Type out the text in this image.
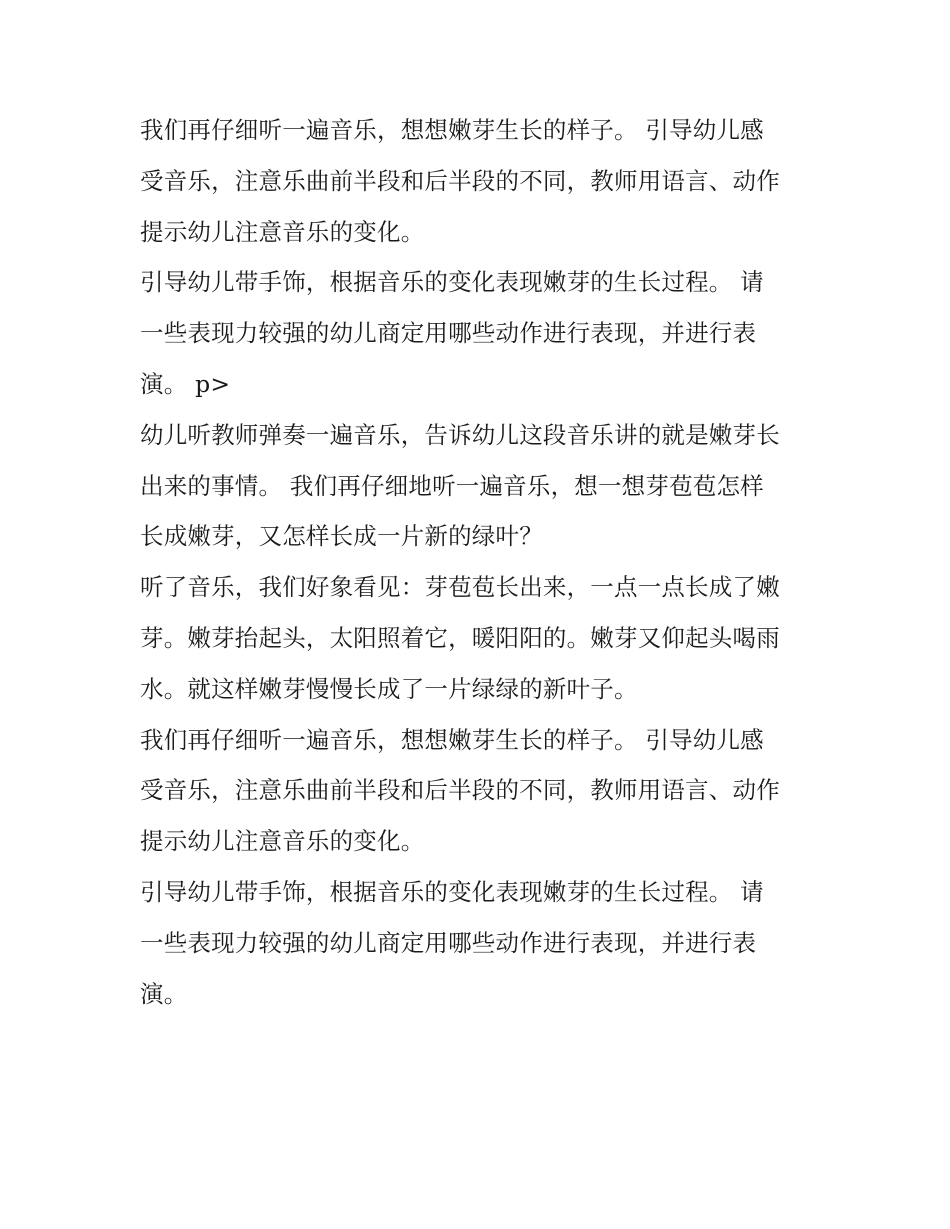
我们再仔细听一遍音乐，想想嫩芽生长的样子。 引导幼儿感
受音乐，注意乐曲前半段和后半段的不同，教师用语言、动作
提示幼儿注意音乐的变化。
引导幼儿带手饰，根据音乐的变化表现嫩芽的生长过程。 请
一些表现力较强的幼儿商定用哪些动作进行表现，并进行表
演。 p>
幼儿听教师弹奏一遍音乐，告诉幼儿这段音乐讲的就是嫩芽长
出来的事情。 我们再仔细地听一遍音乐，想一想芽苞苞怎样
长成嫩芽，又怎样长成一片新的绿叶？
听了音乐，我们好象看见：芽苞苞长出来，一点一点长成了嫩
芽。嫩芽抬起头，太阳照着它，暖阳阳的。嫩芽又仰起头喝雨
水。就这样嫩芽慢慢长成了一片绿绿的新叶子。
我们再仔细听一遍音乐，想想嫩芽生长的样子。 引导幼儿感
受音乐，注意乐曲前半段和后半段的不同，教师用语言、动作
提示幼儿注意音乐的变化。
引导幼儿带手饰，根据音乐的变化表现嫩芽的生长过程。 请
一些表现力较强的幼儿商定用哪些动作进行表现，并进行表
演。
